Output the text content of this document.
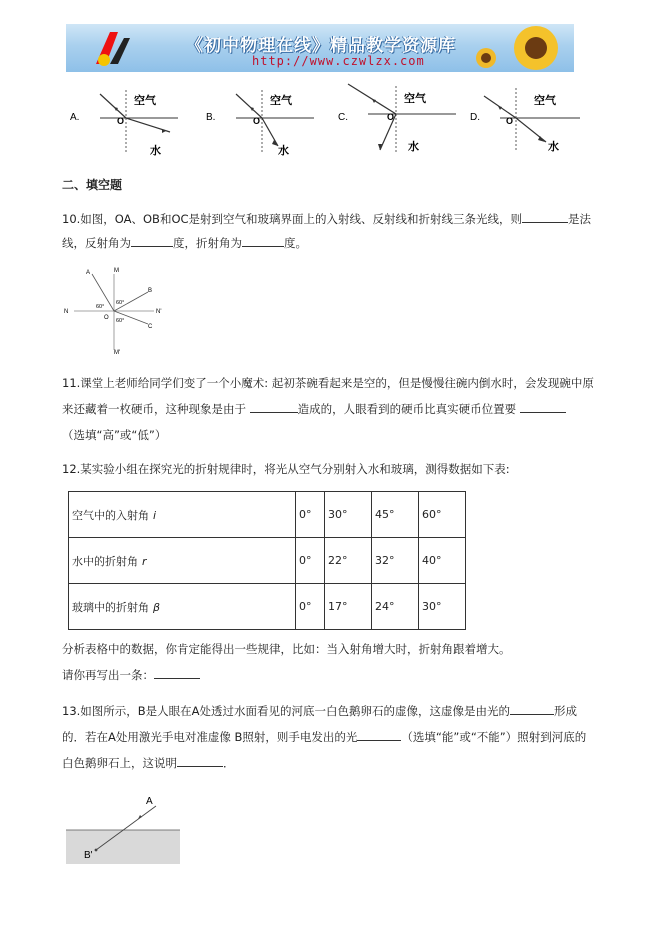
《初中物理在线》精品教学资源库
http://www.czwlzx.com
A.	O
空气
水
B.	O
空气
水
C.	O
空气
水
D.	O
空气
水
二、填空题
10.如图，OA、OB和OC是射到空气和玻璃界面上的入射线、反射线和折射线三条光线，则	是法
线，反射角为	度，折射角为	度。
A
B
C
N	N'
O
M
M'
60°
60°
60°
11.课堂上老师给同学们变了一个小魔术: 起初茶碗看起来是空的，但是慢慢往碗内倒水时，会发现碗中原
来还藏着一枚硬币，这种现象是由于	造成的，人眼看到的硬币比真实硬币位置要
（选填“高”或“低”）
12.某实验小组在探究光的折射规律时，将光从空气分别射入水和玻璃，测得数据如下表:
空气中的入射角 i	0°	30°	45°	60°
水中的折射角 r	0°	22°	32°	40°
玻璃中的折射角 β	0°	17°	24°	30°
分析表格中的数据，你肯定能得出一些规律，比如：当入射角增大时，折射角跟着增大。
请你再写出一条：
13.如图所示，B是人眼在A处透过水面看见的河底一白色鹅卵石的虚像，这虚像是由光的	形成
的．若在A处用激光手电对准虚像 B照射，则手电发出的光	（选填“能”或“不能”）照射到河底的
白色鹅卵石上，这说明	．
A
B'
